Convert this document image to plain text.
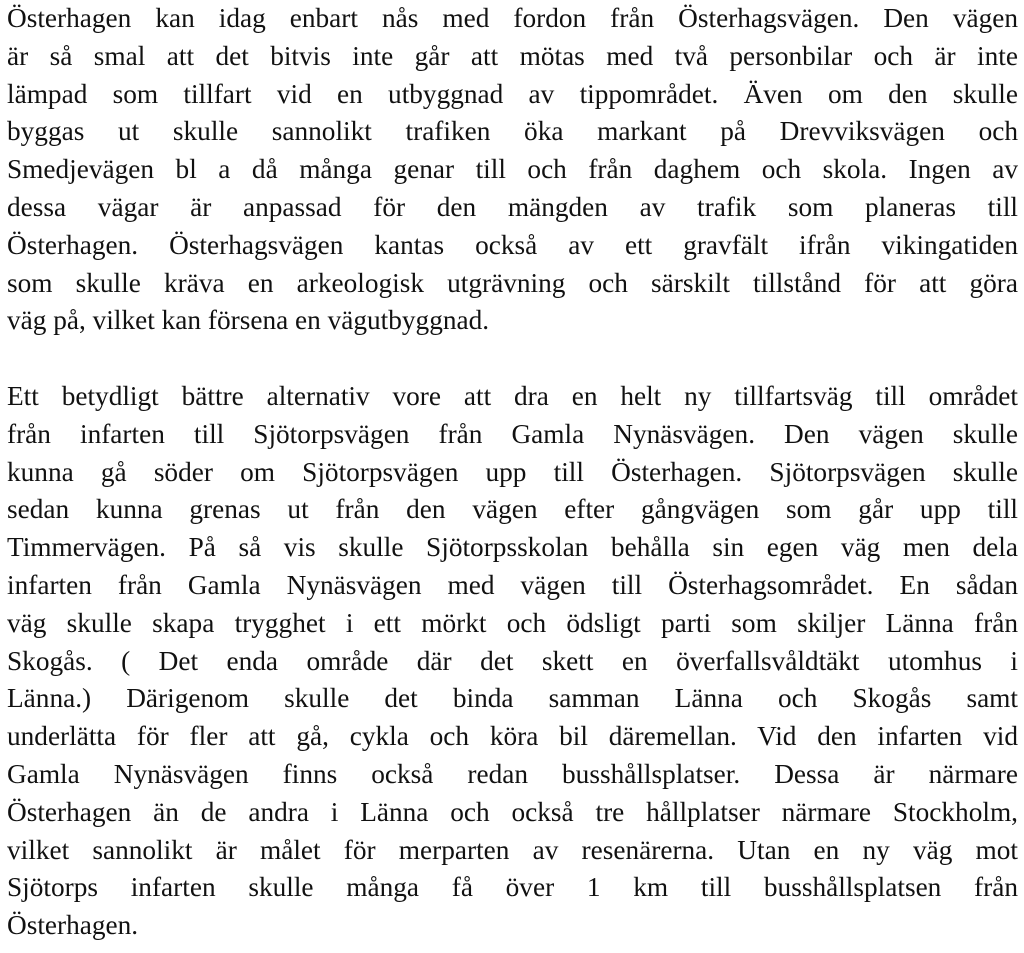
Österhagen kan idag enbart nås med fordon från Österhagsvägen. Den vägen
är så smal att det bitvis inte går att mötas med två personbilar och är inte
lämpad som tillfart vid en utbyggnad av tippområdet. Även om den skulle
byggas ut skulle sannolikt trafiken öka markant på Drevviksvägen och
Smedjevägen bl a då många genar till och från daghem och skola. Ingen av
dessa vägar är anpassad för den mängden av trafik som planeras till
Österhagen. Österhagsvägen kantas också av ett gravfält ifrån vikingatiden
som skulle kräva en arkeologisk utgrävning och särskilt tillstånd för att göra
väg på, vilket kan försena en vägutbyggnad.
Ett betydligt bättre alternativ vore att dra en helt ny tillfartsväg till området
från infarten till Sjötorpsvägen från Gamla Nynäsvägen. Den vägen skulle
kunna gå söder om Sjötorpsvägen upp till Österhagen. Sjötorpsvägen skulle
sedan kunna grenas ut från den vägen efter gångvägen som går upp till
Timmervägen. På så vis skulle Sjötorpsskolan behålla sin egen väg men dela
infarten från Gamla Nynäsvägen med vägen till Österhagsområdet. En sådan
väg skulle skapa trygghet i ett mörkt och ödsligt parti som skiljer Länna från
Skogås. ( Det enda område där det skett en överfallsvåldtäkt utomhus i
Länna.) Därigenom skulle det binda samman Länna och Skogås samt
underlätta för fler att gå, cykla och köra bil däremellan. Vid den infarten vid
Gamla Nynäsvägen finns också redan busshållsplatser. Dessa är närmare
Österhagen än de andra i Länna och också tre hållplatser närmare Stockholm,
vilket sannolikt är målet för merparten av resenärerna. Utan en ny väg mot
Sjötorps infarten skulle många få över 1 km till busshållsplatsen från
Österhagen.
